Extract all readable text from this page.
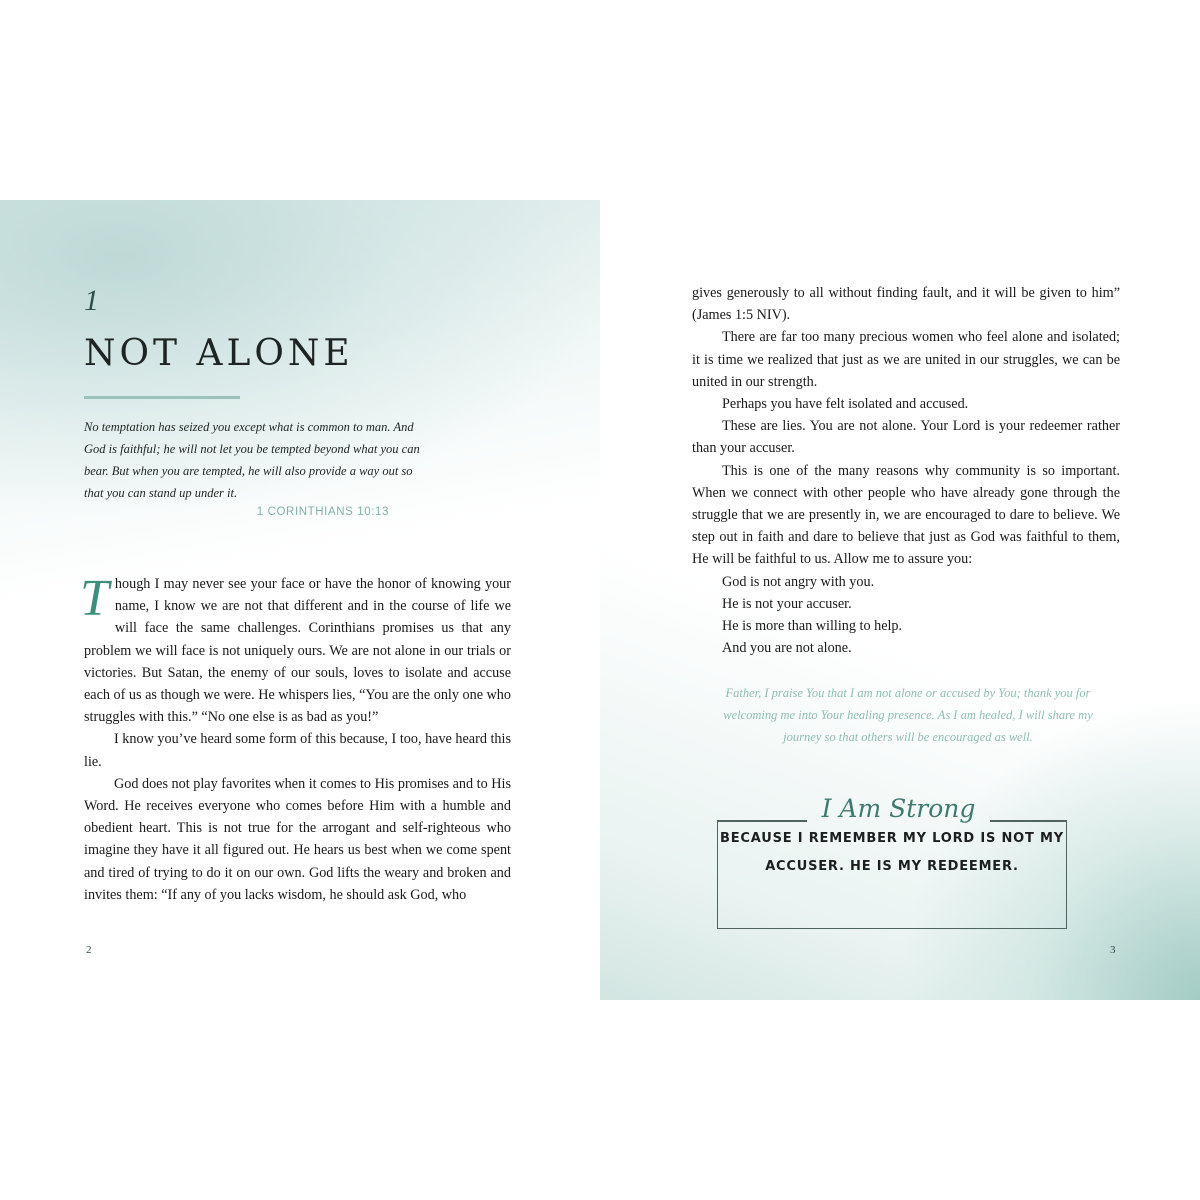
1
NOT ALONE
No temptation has seized you except what is common to man. And God is faithful; he will not let you be tempted beyond what you can bear. But when you are tempted, he will also provide a way out so that you can stand up under it.
1 CORINTHIANS 10:13

Though I may never see your face or have the honor of knowing your name, I know we are not that different and in the course of life we will face the same challenges. Corinthians promises us that any problem we will face is not uniquely ours. We are not alone in our trials or victories. But Satan, the enemy of our souls, loves to isolate and accuse each of us as though we were. He whispers lies, “You are the only one who struggles with this.” “No one else is as bad as you!”

I know you’ve heard some form of this because, I too, have heard this lie.

God does not play favorites when it comes to His promises and to His Word. He receives everyone who comes before Him with a humble and obedient heart. This is not true for the arrogant and self-righteous who imagine they have it all figured out. He hears us best when we come spent and tired of trying to do it on our own. God lifts the weary and broken and invites them: “If any of you lacks wisdom, he should ask God, who

2

gives generously to all without finding fault, and it will be given to him” (James 1:5 NIV).

There are far too many precious women who feel alone and isolated; it is time we realized that just as we are united in our struggles, we can be united in our strength.

Perhaps you have felt isolated and accused.

These are lies. You are not alone. Your Lord is your redeemer rather than your accuser.

This is one of the many reasons why community is so important. When we connect with other people who have already gone through the struggle that we are presently in, we are encouraged to dare to believe. We step out in faith and dare to believe that just as God was faithful to them, He will be faithful to us. Allow me to assure you:

God is not angry with you.

He is not your accuser.

He is more than willing to help.

And you are not alone.

Father, I praise You that I am not alone or accused by You; thank you for welcoming me into Your healing presence. As I am healed, I will share my journey so that others will be encouraged as well.
I Am Strong
BECAUSE I REMEMBER MY LORD IS NOT MY ACCUSER. HE IS MY REDEEMER.
3
